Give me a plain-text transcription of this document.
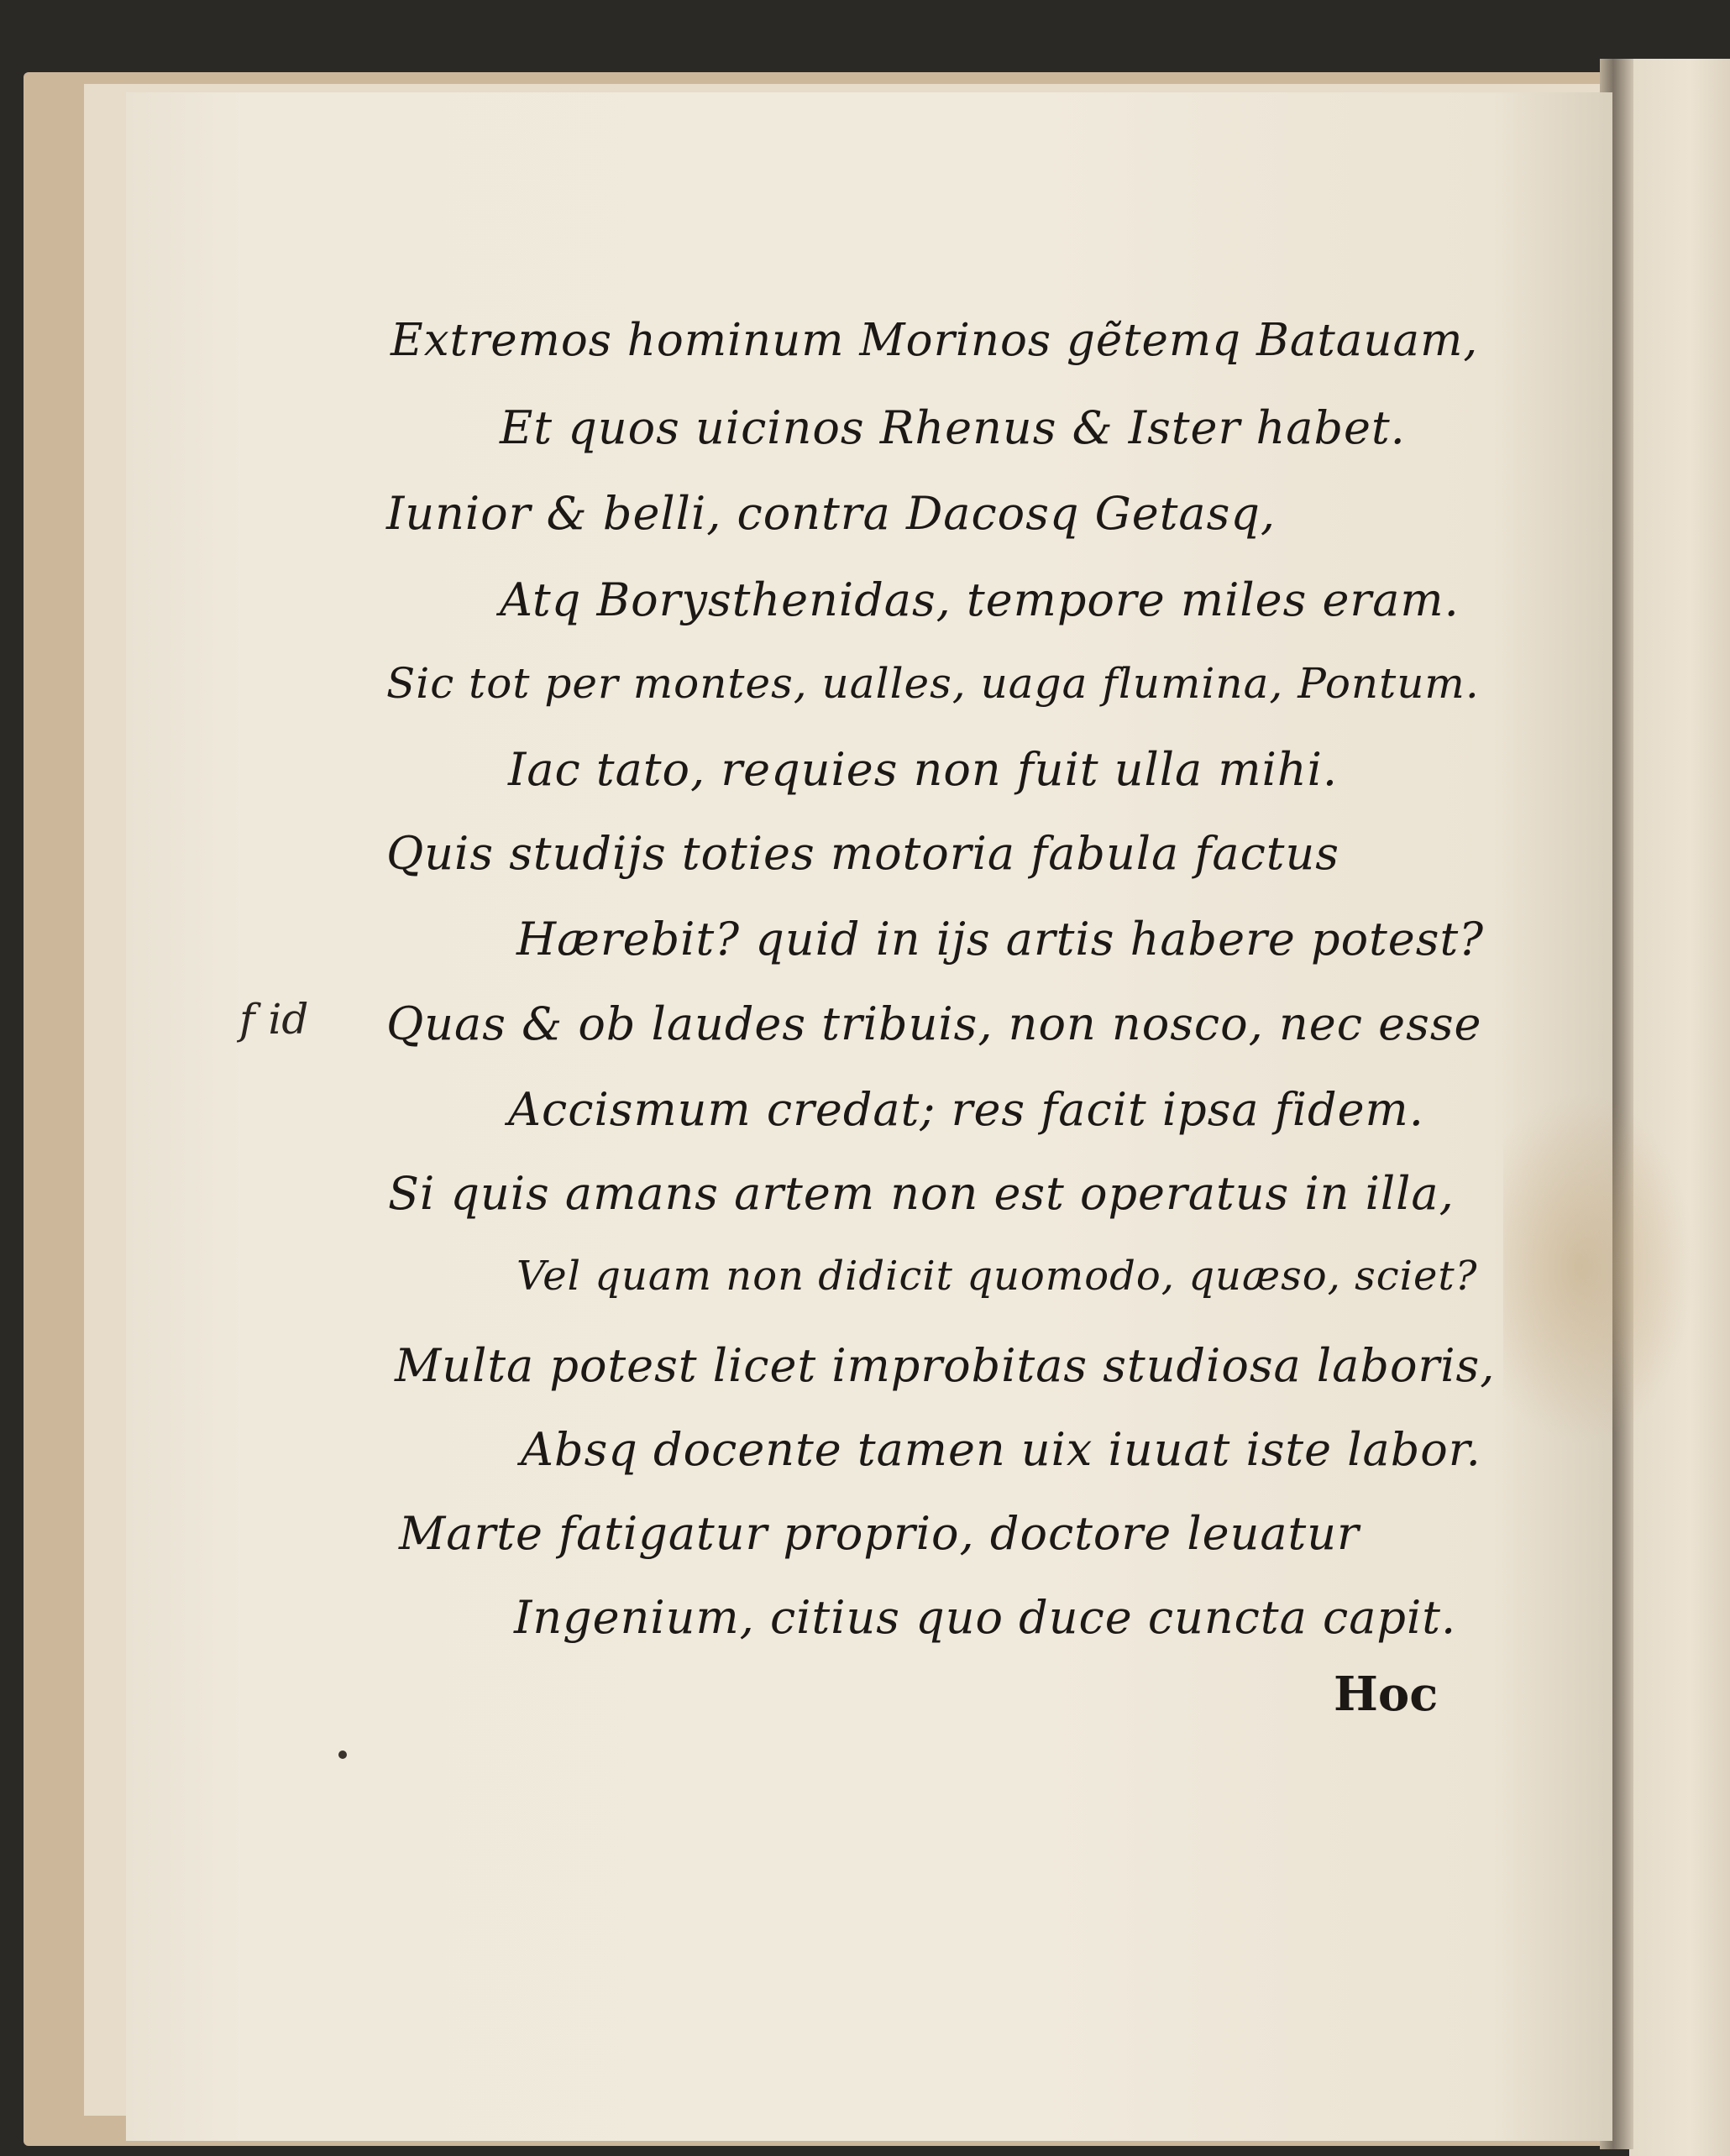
Extremos hominum Morinos gẽtemq Batauam,
Et quos uicinos Rhenus & Ister habet.
Iunior & belli, contra Dacosq Getasq,
Atq Borysthenidas, tempore miles eram.
Sic tot per montes, ualles, uaga flumina, Pontum.
Iac tato, requies non fuit ulla mihi.
Quis studijs toties motoria fabula factus
Hærebit? quid in ijs artis habere potest?
Quas & ob laudes tribuis, non nosco, nec esse
Accismum credat; res facit ipsa fidem.
Si quis amans artem non est operatus in illa,
Vel quam non didicit quomodo, quæso, sciet?
Multa potest licet improbitas studiosa laboris,
Absq docente tamen uix iuuat iste labor.
Marte fatigatur proprio, doctore leuatur
Ingenium, citius quo duce cuncta capit.
f id
Hoc
